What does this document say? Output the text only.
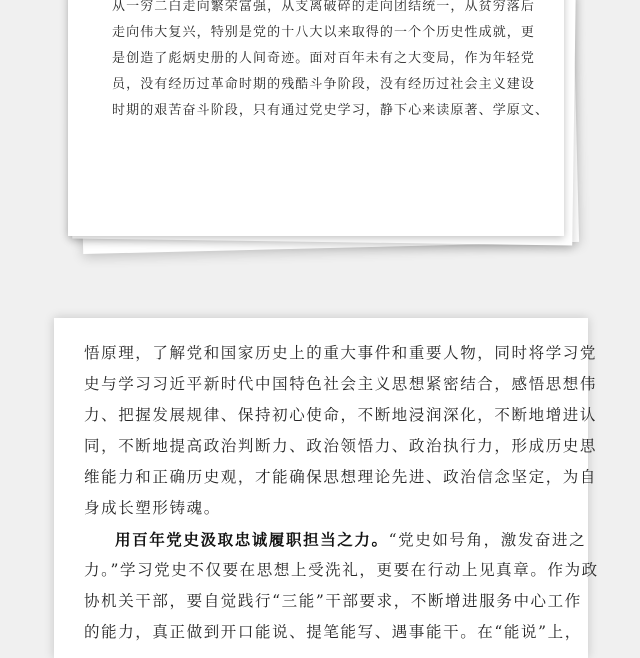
从一穷二白走向繁荣富强，从支离破碎的走向团结统一，从贫穷落后
走向伟大复兴，特别是党的十八大以来取得的一个个历史性成就，更
是创造了彪炳史册的人间奇迹。面对百年未有之大变局，作为年轻党
员，没有经历过革命时期的残酷斗争阶段，没有经历过社会主义建设
时期的艰苦奋斗阶段，只有通过党史学习，静下心来读原著、学原文、
悟原理，了解党和国家历史上的重大事件和重要人物，同时将学习党
史与学习习近平新时代中国特色社会主义思想紧密结合，感悟思想伟
力、把握发展规律、保持初心使命，不断地浸润深化，不断地增进认
同，不断地提高政治判断力、政治领悟力、政治执行力，形成历史思
维能力和正确历史观，才能确保思想理论先进、政治信念坚定，为自
身成长塑形铸魂。
用百年党史汲取忠诚履职担当之力。“党史如号角，激发奋进之
力。”学习党史不仅要在思想上受洗礼，更要在行动上见真章。作为政
协机关干部，要自觉践行“三能”干部要求，不断增进服务中心工作
的能力，真正做到开口能说、提笔能写、遇事能干。在“能说”上，
